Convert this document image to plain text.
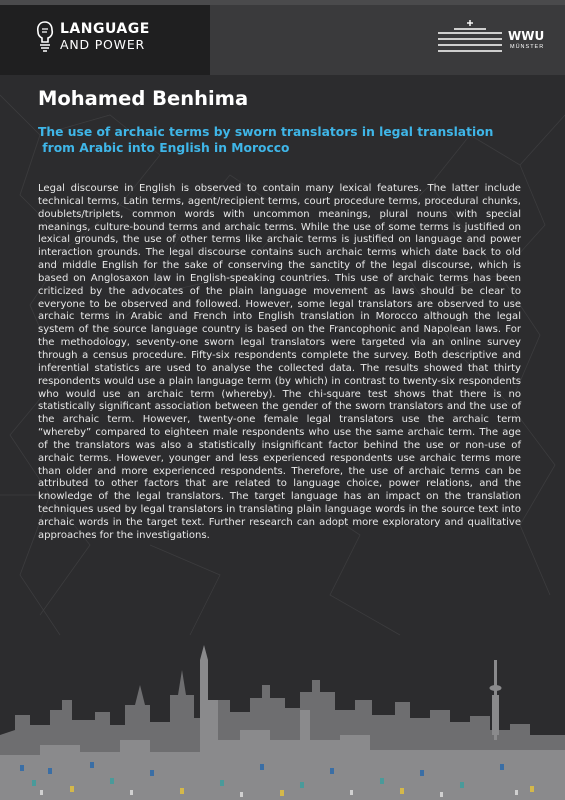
LANGUAGE
AND POWER
WWU
MÜNSTER
Mohamed Benhima
The use of archaic terms by sworn translators in legal translation
from Arabic into English in Morocco

Legal discourse in English is observed to contain many lexical features. The latter include technical terms, Latin terms, agent/recipient terms, court procedure terms, procedural chunks, doublets/triplets, common words with uncommon meanings, plural nouns with special meanings, culture-bound terms and archaic terms. While the use of some terms is justified on lexical grounds, the use of other terms like archaic terms is justified on language and power interaction grounds. The legal discourse contains such archaic terms which date back to old and middle English for the sake of conserving the sanctity of the legal discourse, which is based on Anglosaxon law in English-speaking countries. This use of archaic terms has been criticized by the advocates of the plain language movement as laws should be clear to everyone to be observed and followed. However, some legal translators are observed to use archaic terms in Arabic and French into English translation in Morocco although the legal system of the source language country is based on the Francophonic and Napolean laws. For the methodology, seventy-one sworn legal translators were targeted via an online survey through a census procedure. Fifty-six respondents complete the survey. Both descriptive and inferential statistics are used to analyse the collected data. The results showed that thirty respondents would use a plain language term (by which) in contrast to twenty-six respondents who would use an archaic term (whereby). The chi-square test shows that there is no statistically significant association between the gender of the sworn translators and the use of the archaic term. However, twenty-one female legal translators use the archaic term “whereby” compared to eighteen male respondents who use the same archaic term. The age of the translators was also a statistically insignificant factor behind the use or non-use of archaic terms. However, younger and less experienced respondents use archaic terms more than older and more experienced respondents. Therefore, the use of archaic terms can be attributed to other factors that are related to language choice, power relations, and the knowledge of the legal translators. The target language has an impact on the translation techniques used by legal translators in translating plain language words in the source text into archaic words in the target text. Further research can adopt more exploratory and qualitative approaches for the investigations.
